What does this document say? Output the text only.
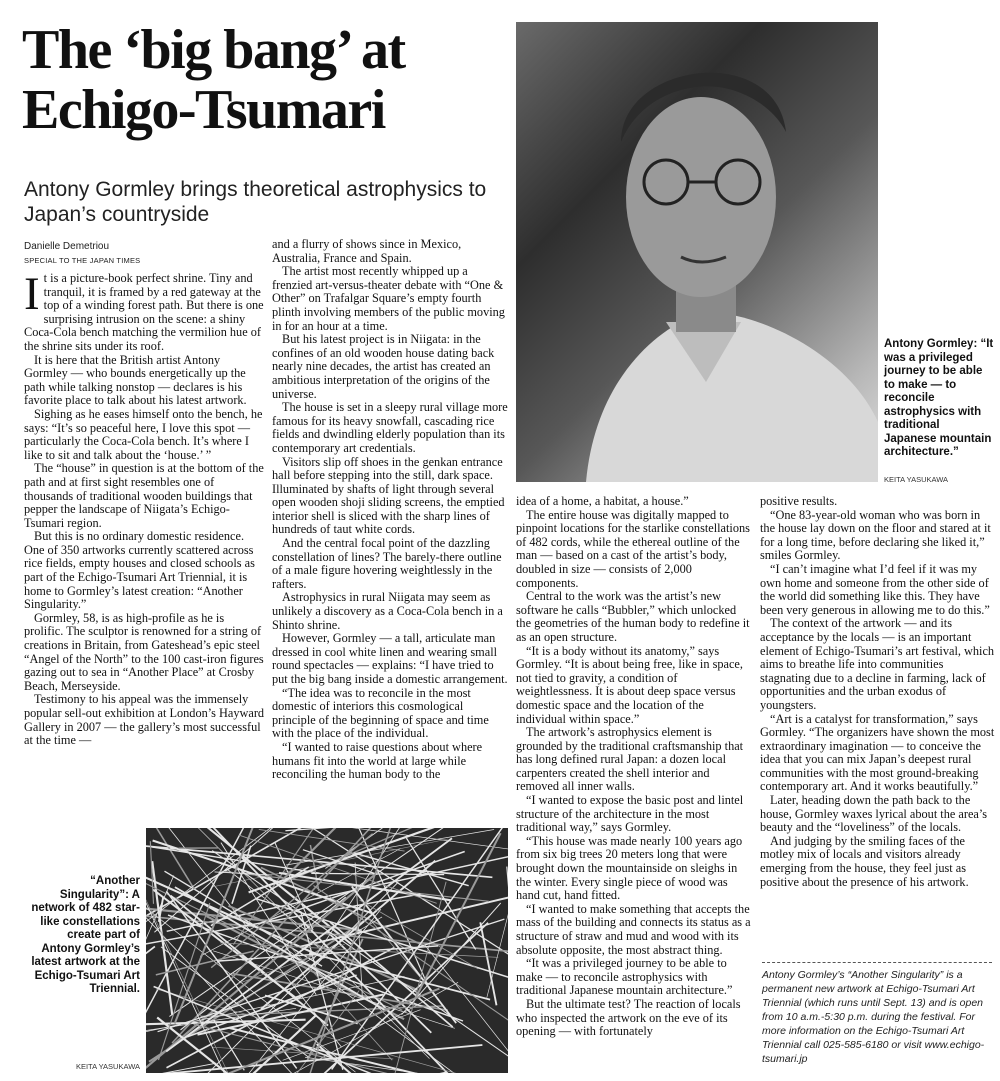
The ‘big bang’ at Echigo-Tsumari

Antony Gormley brings theoretical astrophysics to Japan’s countryside

Danielle Demetriou
SPECIAL TO THE JAPAN TIMES

It is a picture-book perfect shrine. Tiny and tranquil, it is framed by a red gateway at the top of a winding forest path. But there is one surprising intrusion on the scene: a shiny Coca-Cola bench matching the vermilion hue of the shrine sits under its roof.

It is here that the British artist Antony Gormley — who bounds energetically up the path while talking nonstop — declares is his favorite place to talk about his latest artwork.

Sighing as he eases himself onto the bench, he says: “It’s so peaceful here, I love this spot — particularly the Coca-Cola bench. It’s where I like to sit and talk about the ‘house.’ ”

The “house” in question is at the bottom of the path and at first sight resembles one of thousands of traditional wooden buildings that pepper the landscape of Niigata’s Echigo-Tsumari region.

But this is no ordinary domestic residence. One of 350 artworks currently scattered across rice fields, empty houses and closed schools as part of the Echigo-Tsumari Art Triennial, it is home to Gormley’s latest creation: “Another Singularity.”

Gormley, 58, is as high-profile as he is prolific. The sculptor is renowned for a string of creations in Britain, from Gateshead’s epic steel “Angel of the North” to the 100 cast-iron figures gazing out to sea in “Another Place” at Crosby Beach, Merseyside.

Testimony to his appeal was the immensely popular sell-out exhibition at London’s Hayward Gallery in 2007 — the gallery’s most successful at the time —

and a flurry of shows since in Mexico, Australia, France and Spain.

The artist most recently whipped up a frenzied art-versus-theater debate with “One & Other” on Trafalgar Square’s empty fourth plinth involving members of the public moving in for an hour at a time.

But his latest project is in Niigata: in the confines of an old wooden house dating back nearly nine decades, the artist has created an ambitious interpretation of the origins of the universe.

The house is set in a sleepy rural village more famous for its heavy snowfall, cascading rice fields and dwindling elderly population than its contemporary art credentials.

Visitors slip off shoes in the genkan entrance hall before stepping into the still, dark space. Illuminated by shafts of light through several open wooden shoji sliding screens, the emptied interior shell is sliced with the sharp lines of hundreds of taut white cords.

And the central focal point of the dazzling constellation of lines? The barely-there outline of a male figure hovering weightlessly in the rafters.

Astrophysics in rural Niigata may seem as unlikely a discovery as a Coca-Cola bench in a Shinto shrine.

However, Gormley — a tall, articulate man dressed in cool white linen and wearing small round spectacles — explains: “I have tried to put the big bang inside a domestic arrangement.

“The idea was to reconcile in the most domestic of interiors this cosmological principle of the beginning of space and time with the place of the individual.

“I wanted to raise questions about where humans fit into the world at large while reconciling the human body to the

Antony Gormley: “It was a privileged journey to be able to make — to reconcile astrophysics with traditional Japanese mountain architecture.”
KEITA YASUKAWA

idea of a home, a habitat, a house.”

The entire house was digitally mapped to pinpoint locations for the starlike constellations of 482 cords, while the ethereal outline of the man — based on a cast of the artist’s body, doubled in size — consists of 2,000 components.

Central to the work was the artist’s new software he calls “Bubbler,” which unlocked the geometries of the human body to redefine it as an open structure.

“It is a body without its anatomy,” says Gormley. “It is about being free, like in space, not tied to gravity, a condition of weightlessness. It is about deep space versus domestic space and the location of the individual within space.”

The artwork’s astrophysics element is grounded by the traditional craftsmanship that has long defined rural Japan: a dozen local carpenters created the shell interior and removed all inner walls.

“I wanted to expose the basic post and lintel structure of the architecture in the most traditional way,” says Gormley.

“This house was made nearly 100 years ago from six big trees 20 meters long that were brought down the mountainside on sleighs in the winter. Every single piece of wood was hand cut, hand fitted.

“I wanted to make something that accepts the mass of the building and connects its status as a structure of straw and mud and wood with its absolute opposite, the most abstract thing.

“It was a privileged journey to be able to make — to reconcile astrophysics with traditional Japanese mountain architecture.”

But the ultimate test? The reaction of locals who inspected the artwork on the eve of its opening — with fortunately

positive results.

“One 83-year-old woman who was born in the house lay down on the floor and stared at it for a long time, before declaring she liked it,” smiles Gormley.

“I can’t imagine what I’d feel if it was my own home and someone from the other side of the world did something like this. They have been very generous in allowing me to do this.”

The context of the artwork — and its acceptance by the locals — is an important element of Echigo-Tsumari’s art festival, which aims to breathe life into communities stagnating due to a decline in farming, lack of opportunities and the urban exodus of youngsters.

“Art is a catalyst for transformation,” says Gormley. “The organizers have shown the most extraordinary imagination — to conceive the idea that you can mix Japan’s deepest rural communities with the most ground-breaking contemporary art. And it works beautifully.”

Later, heading down the path back to the house, Gormley waxes lyrical about the area’s beauty and the “loveliness” of the locals.

And judging by the smiling faces of the motley mix of locals and visitors already emerging from the house, they feel just as positive about the presence of his artwork.

Antony Gormley’s “Another Singularity” is a permanent new artwork at Echigo-Tsumari Art Triennial (which runs until Sept. 13) and is open from 10 a.m.-5:30 p.m. during the festival. For more information on the Echigo-Tsumari Art Triennial call 025-585-6180 or visit www.echigo-tsumari.jp
“Another Singularity”: A network of 482 star-like constellations create part of Antony Gormley’s latest artwork at the Echigo-Tsumari Art Triennial.
KEITA YASUKAWA
